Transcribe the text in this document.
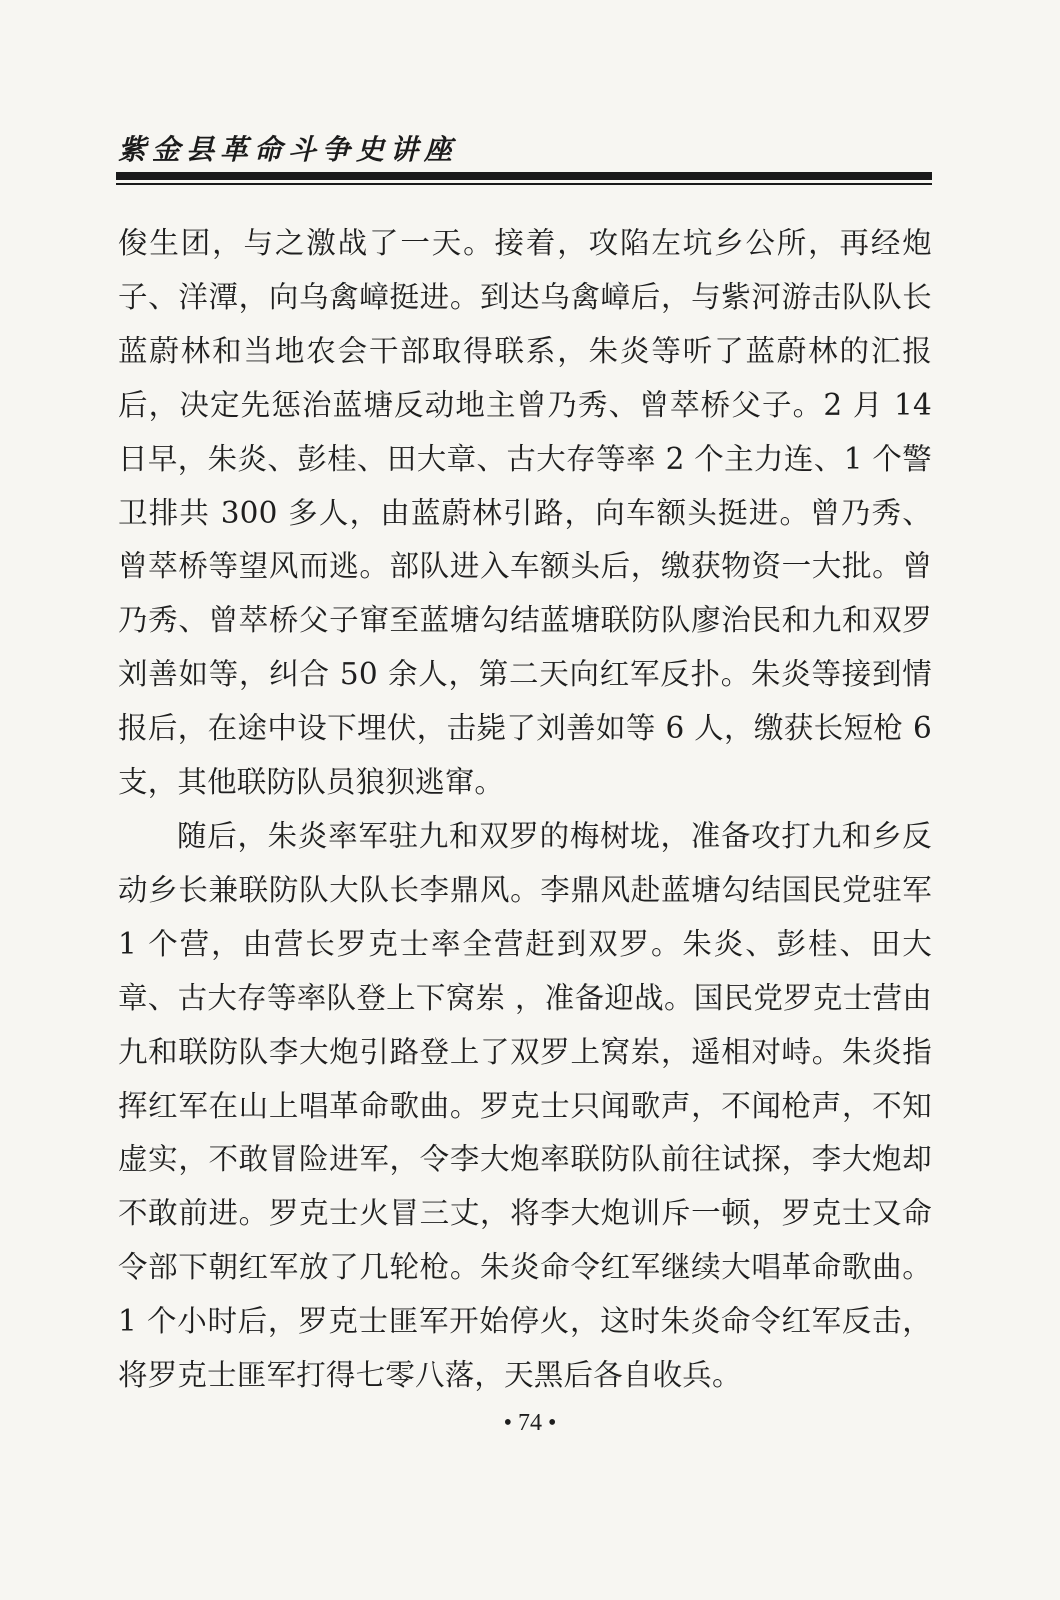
紫金县革命斗争史讲座

俊生团，与之激战了一天。接着，攻陷左坑乡公所，再经炮子、洋潭，向乌禽嶂挺进。到达乌禽嶂后，与紫河游击队队长蓝蔚林和当地农会干部取得联系，朱炎等听了蓝蔚林的汇报后，决定先惩治蓝塘反动地主曾乃秀、曾萃桥父子。2 月 14 日早，朱炎、彭桂、田大章、古大存等率 2 个主力连、1 个警卫排共 300 多人，由蓝蔚林引路，向车额头挺进。曾乃秀、曾萃桥等望风而逃。部队进入车额头后，缴获物资一大批。曾乃秀、曾萃桥父子窜至蓝塘勾结蓝塘联防队廖治民和九和双罗刘善如等，纠合 50 余人，第二天向红军反扑。朱炎等接到情报后，在途中设下埋伏，击毙了刘善如等 6 人，缴获长短枪 6 支，其他联防队员狼狈逃窜。

随后，朱炎率军驻九和双罗的梅树垅，准备攻打九和乡反动乡长兼联防队大队长李鼎风。李鼎风赴蓝塘勾结国民党驻军 1 个营，由营长罗克士率全营赶到双罗。朱炎、彭桂、田大章、古大存等率队登上下窝岽 ，准备迎战。国民党罗克士营由九和联防队李大炮引路登上了双罗上窝岽，遥相对峙。朱炎指挥红军在山上唱革命歌曲。罗克士只闻歌声，不闻枪声，不知虚实，不敢冒险进军，令李大炮率联防队前往试探，李大炮却不敢前进。罗克士火冒三丈，将李大炮训斥一顿，罗克士又命令部下朝红军放了几轮枪。朱炎命令红军继续大唱革命歌曲。1 个小时后，罗克士匪军开始停火，这时朱炎命令红军反击，将罗克士匪军打得七零八落，天黑后各自收兵。

• 74 •
